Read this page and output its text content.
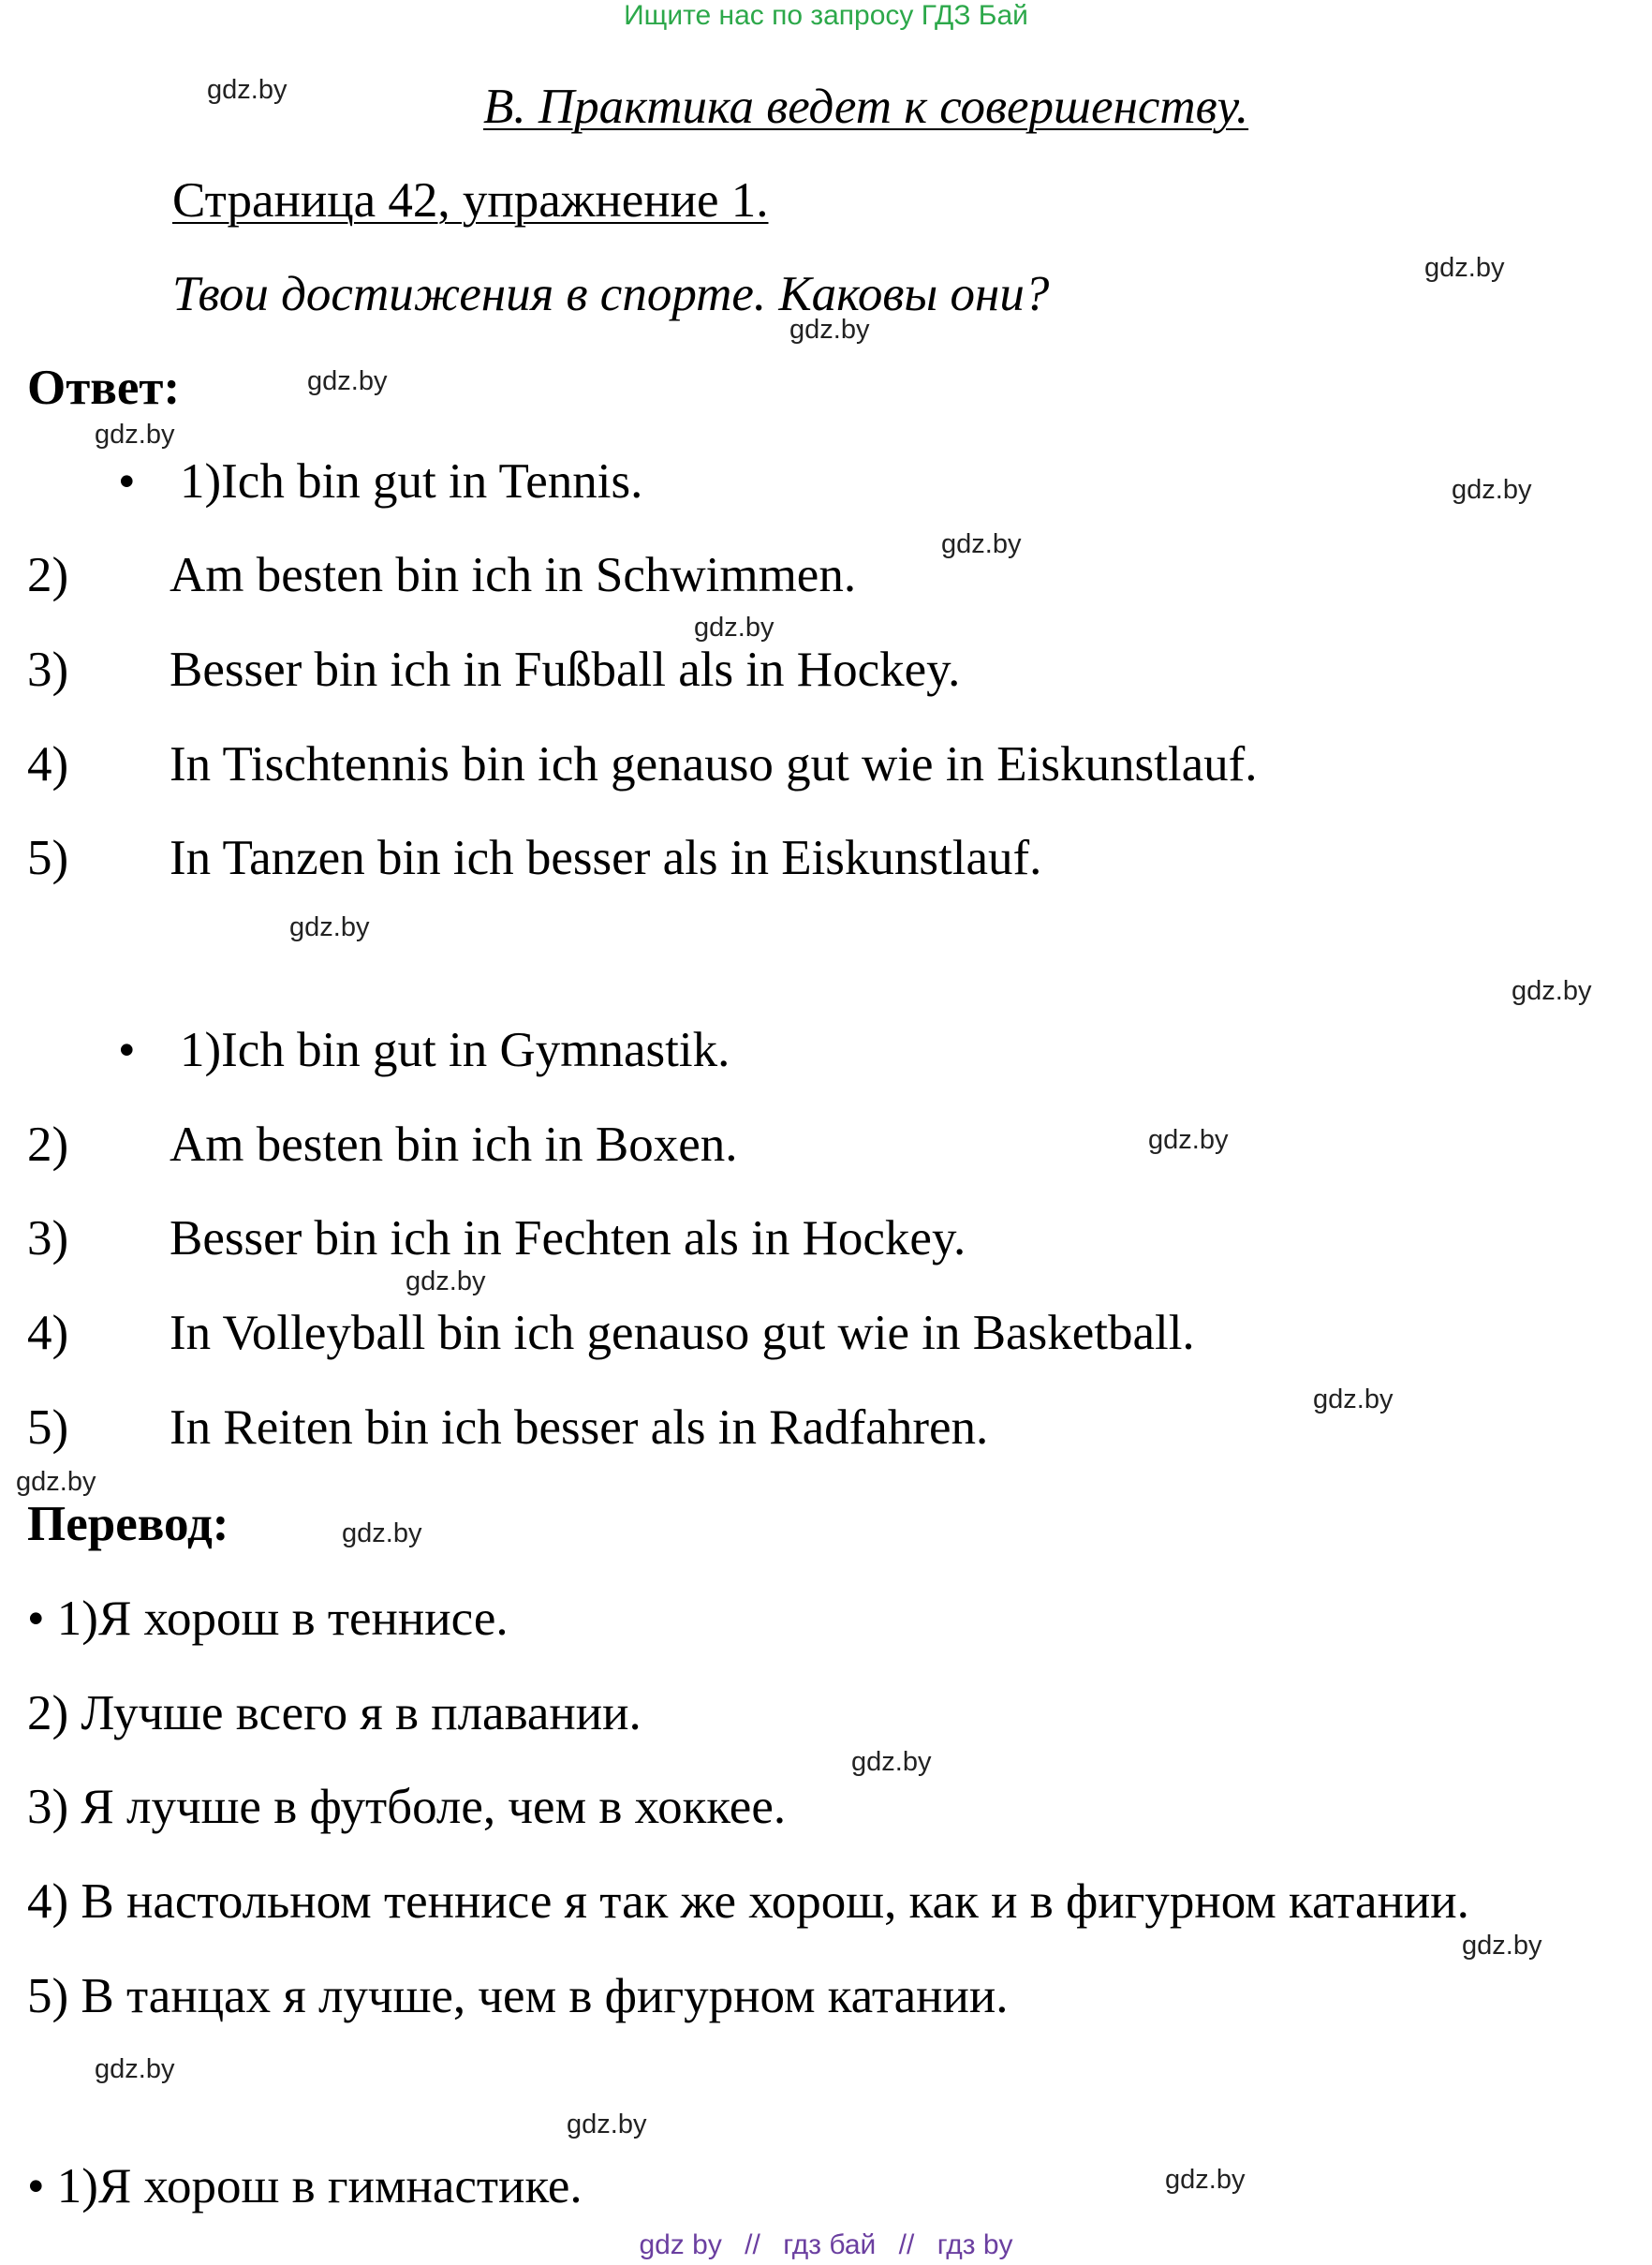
Ищите нас по запросу ГДЗ Бай
B. Практика ведет к совершенству.
Страница 42, упражнение 1.
Твои достижения в спорте. Каковы они?
Ответ:
• 1)Ich bin gut in Tennis.
2) Am besten bin ich in Schwimmen.
3) Besser bin ich in Fußball als in Hockey.
4) In Tischtennis bin ich genauso gut wie in Eiskunstlauf.
5) In Tanzen bin ich besser als in Eiskunstlauf.
• 1)Ich bin gut in Gymnastik.
2) Am besten bin ich in Boxen.
3) Besser bin ich in Fechten als in Hockey.
4) In Volleyball bin ich genauso gut wie in Basketball.
5) In Reiten bin ich besser als in Radfahren.
Перевод:
• 1)Я хорош в теннисе.
2) Лучше всего я в плавании.
3) Я лучше в футболе, чем в хоккее.
4) В настольном теннисе я так же хорош, как и в фигурном катании.
5) В танцах я лучше, чем в фигурном катании.
• 1)Я хорош в гимнастике.
gdz.by
gdz.by
gdz.by
gdz.by
gdz.by
gdz.by
gdz.by
gdz.by
gdz.by
gdz.by
gdz.by
gdz.by
gdz.by
gdz.by
gdz.by
gdz.by
gdz.by
gdz.by
gdz.by
gdz.by
gdz by // гдз бай // гдз by
